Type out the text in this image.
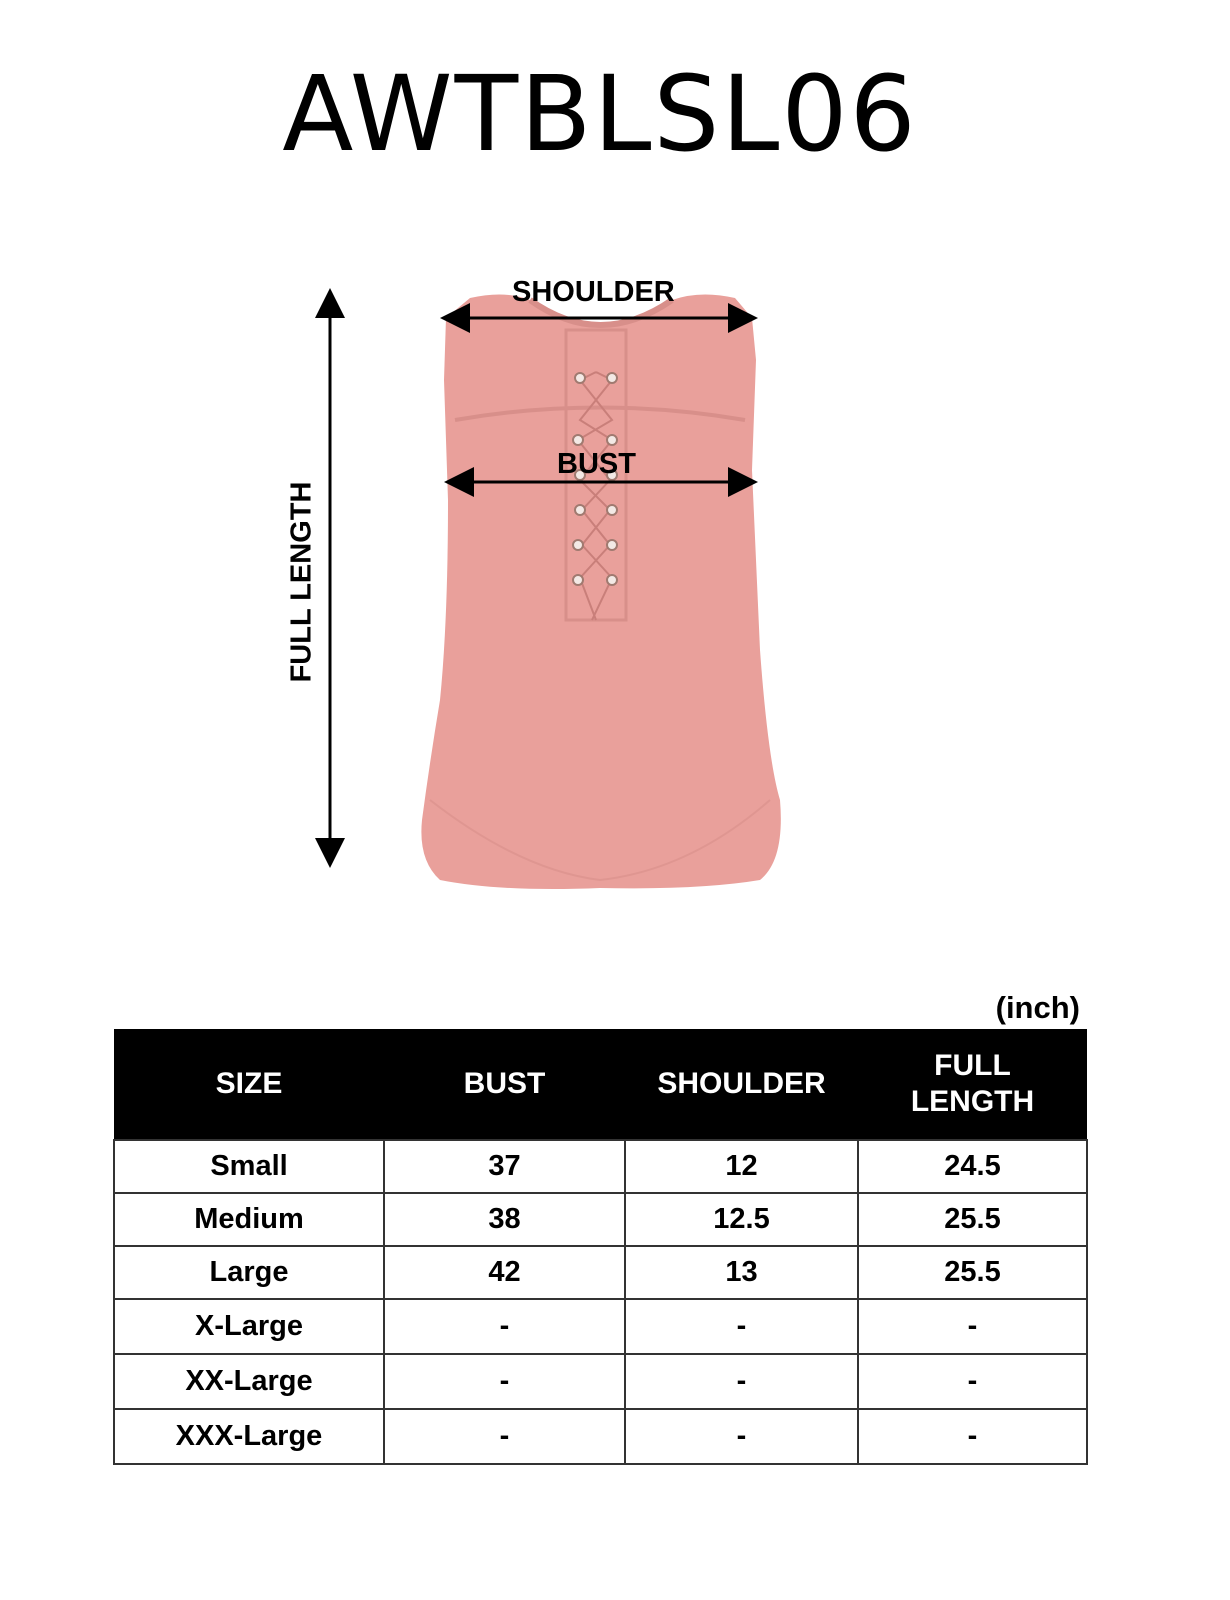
AWTBLSL06
SHOULDER
BUST
FULL LENGTH
(inch)
SIZE	BUST	SHOULDER	FULL
LENGTH

Small	37	12	24.5
Medium	38	12.5	25.5
Large	42	13	25.5
X-Large	-	-	-
XX-Large	-	-	-
XXX-Large	-	-	-
